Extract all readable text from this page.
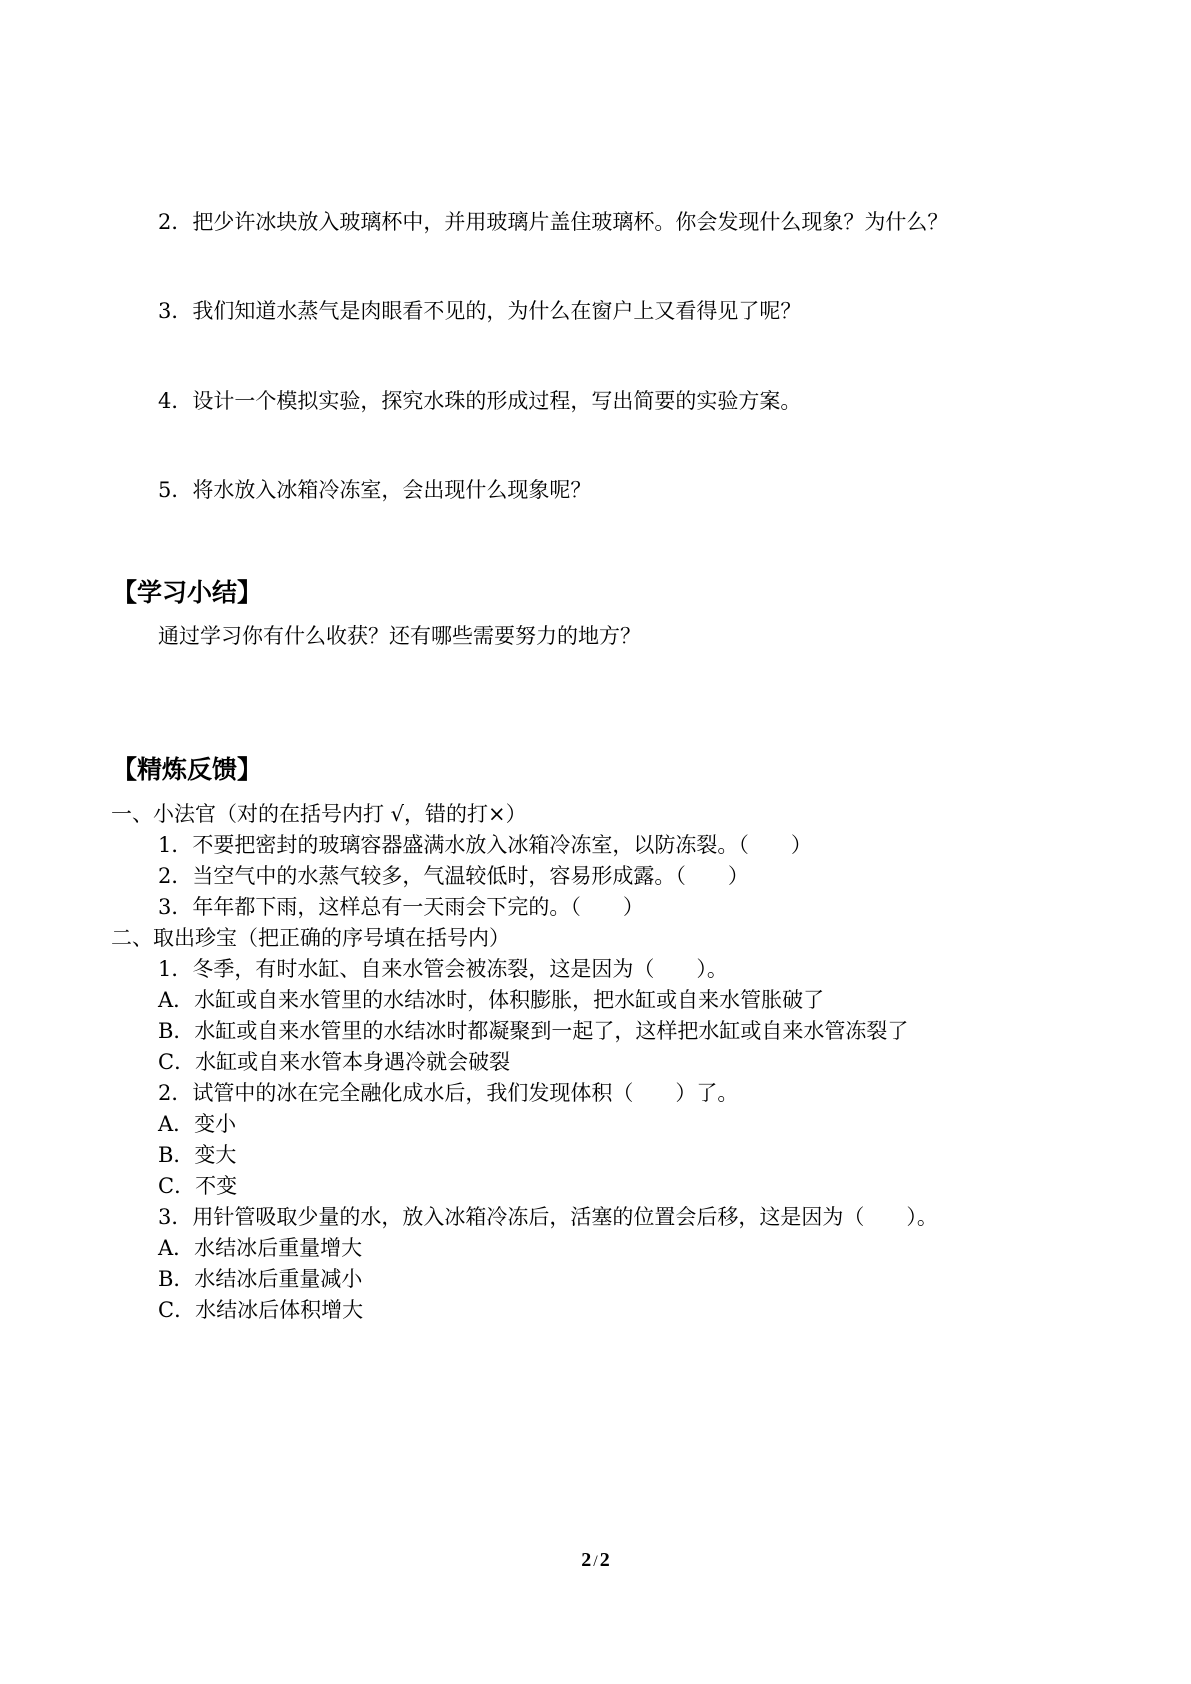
2．把少许冰块放入玻璃杯中，并用玻璃片盖住玻璃杯。你会发现什么现象？为什么？
3．我们知道水蒸气是肉眼看不见的，为什么在窗户上又看得见了呢？
4．设计一个模拟实验，探究水珠的形成过程，写出简要的实验方案。
5．将水放入冰箱冷冻室，会出现什么现象呢？
【学习小结】
通过学习你有什么收获？还有哪些需要努力的地方？
【精炼反馈】
一、小法官（对的在括号内打 √，错的打×）
1．不要把密封的玻璃容器盛满水放入冰箱冷冻室，以防冻裂。（　　）
2．当空气中的水蒸气较多，气温较低时，容易形成露。（　　）
3．年年都下雨，这样总有一天雨会下完的。（　　）
二、取出珍宝（把正确的序号填在括号内）
1．冬季，有时水缸、自来水管会被冻裂，这是因为（　　）。
A．水缸或自来水管里的水结冰时，体积膨胀，把水缸或自来水管胀破了
B．水缸或自来水管里的水结冰时都凝聚到一起了，这样把水缸或自来水管冻裂了
C．水缸或自来水管本身遇冷就会破裂
2．试管中的冰在完全融化成水后，我们发现体积（　　）了。
A．变小
B．变大
C．不变
3．用针管吸取少量的水，放入冰箱冷冻后，活塞的位置会后移，这是因为（　　）。
A．水结冰后重量增大
B．水结冰后重量减小
C．水结冰后体积增大
2 / 2
